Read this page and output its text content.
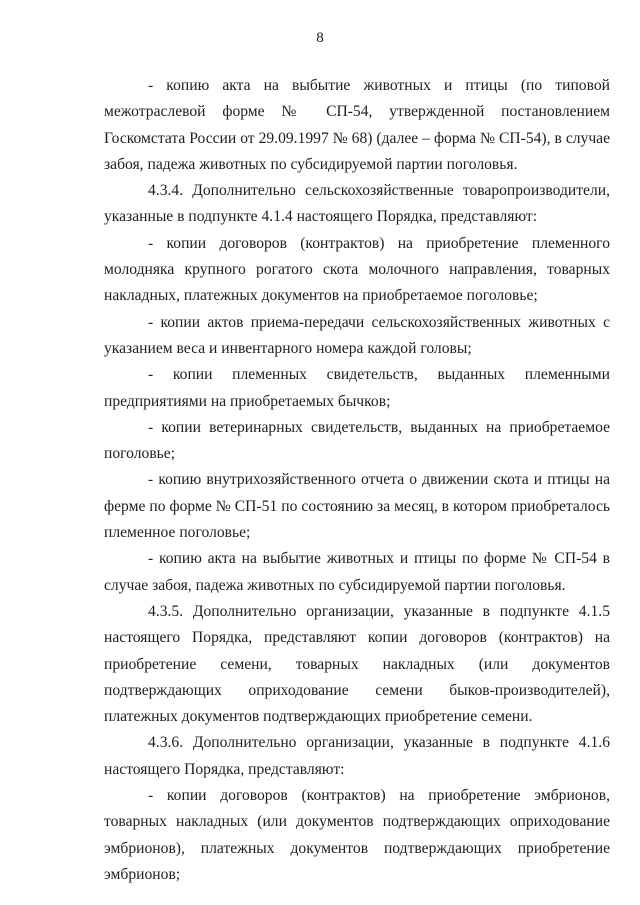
8

- копию акта на выбытие животных и птицы (по типовой межотраслевой форме № СП-54, утвержденной постановлением Госкомстата России от 29.09.1997 № 68) (далее – форма № СП-54), в случае забоя, падежа животных по субсидируемой партии поголовья.

4.3.4. Дополнительно сельскохозяйственные товаропроизводители, указанные в подпункте 4.1.4 настоящего Порядка, представляют:

- копии договоров (контрактов) на приобретение племенного молодняка крупного рогатого скота молочного направления, товарных накладных, платежных документов на приобретаемое поголовье;

- копии актов приема-передачи сельскохозяйственных животных с указанием веса и инвентарного номера каждой головы;

- копии племенных свидетельств, выданных племенными предприятиями на приобретаемых бычков;

- копии ветеринарных свидетельств, выданных на приобретаемое поголовье;

- копию внутрихозяйственного отчета о движении скота и птицы на ферме по форме № СП-51 по состоянию за месяц, в котором приобреталось племенное поголовье;

- копию акта на выбытие животных и птицы по форме № СП-54 в случае забоя, падежа животных по субсидируемой партии поголовья.

4.3.5. Дополнительно организации, указанные в подпункте 4.1.5 настоящего Порядка, представляют копии договоров (контрактов) на приобретение семени, товарных накладных (или документов подтверждающих оприходование семени быков-производителей), платежных документов подтверждающих приобретение семени.

4.3.6. Дополнительно организации, указанные в подпункте 4.1.6 настоящего Порядка, представляют:

- копии договоров (контрактов) на приобретение эмбрионов, товарных накладных (или документов подтверждающих оприходование эмбрионов), платежных документов подтверждающих приобретение эмбрионов;
